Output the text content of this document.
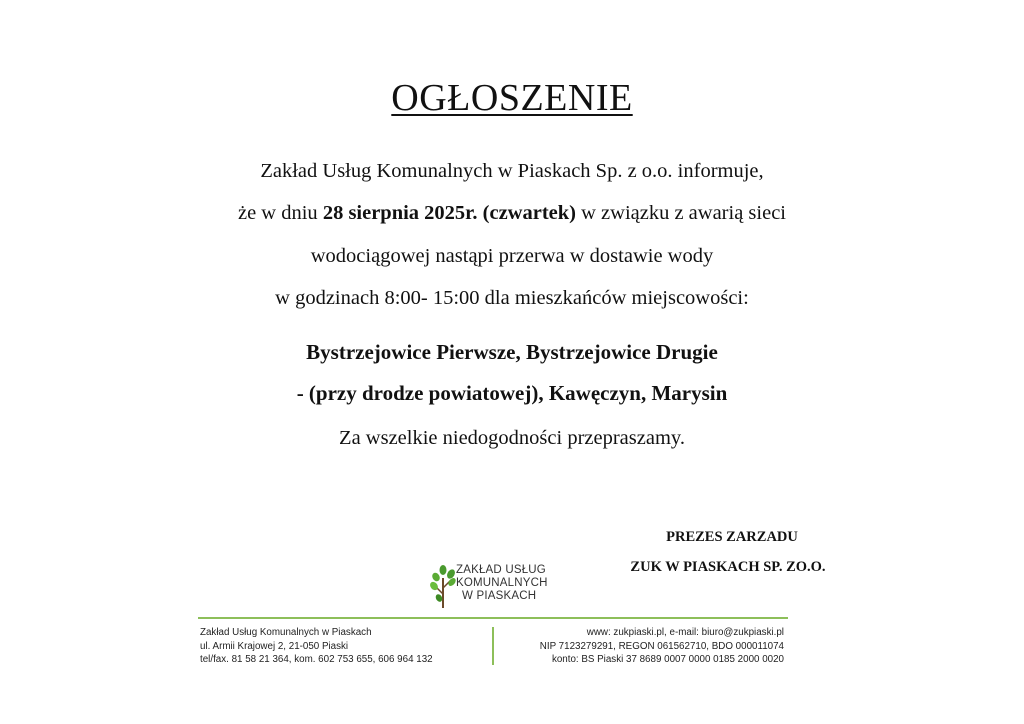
OGŁOSZENIE
Zakład Usług Komunalnych w Piaskach Sp. z o.o. informuje,
że w dniu 28 sierpnia 2025r. (czwartek) w związku z awarią sieci
wodociągowej nastąpi przerwa w dostawie wody
w godzinach 8:00- 15:00 dla mieszkańców miejscowości:
Bystrzejowice Pierwsze, Bystrzejowice Drugie
- (przy drodze powiatowej), Kawęczyn, Marysin
Za wszelkie niedogodności przepraszamy.
PREZES ZARZADU
ZUK W PIASKACH SP. ZO.O.
ZAKŁAD USŁUG
KOMUNALNYCH
W PIASKACH
Zakład Usług Komunalnych w Piaskach
ul. Armii Krajowej 2, 21-050 Piaski
tel/fax. 81 58 21 364, kom. 602 753 655, 606 964 132
www: zukpiaski.pl, e-mail: biuro@zukpiaski.pl
NIP 7123279291, REGON 061562710, BDO 000011074
konto: BS Piaski 37 8689 0007 0000 0185 2000 0020
